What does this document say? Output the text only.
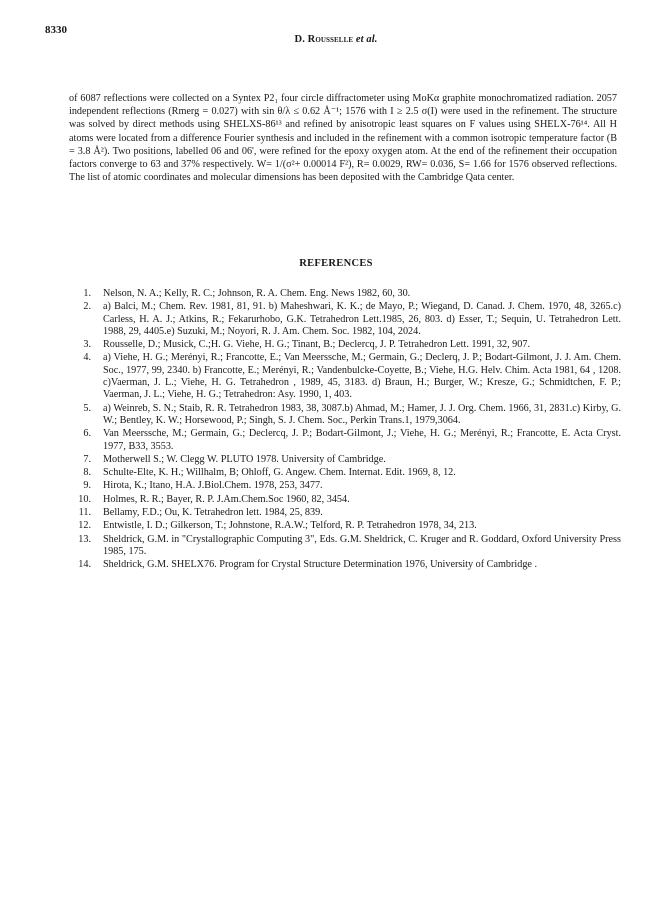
8330
D. Rousselle et al.

of 6087 reflections were collected on a Syntex P2₁ four circle diffractometer using MoKα graphite monochromatized radiation. 2057 independent reflections (Rmerg = 0.027) with sin θ/λ ≤ 0.62 Å⁻¹; 1576 with I ≥ 2.5 σ(I) were used in the refinement. The structure was solved by direct methods using SHELXS-86¹³ and refined by anisotropic least squares on F values using SHELX-76¹⁴. All H atoms were located from a difference Fourier synthesis and included in the refinement with a common isotropic temperature factor (B = 3.8 Å²). Two positions, labelled 06 and 06', were refined for the epoxy oxygen atom. At the end of the refinement their occupation factors converge to 63 and 37% respectively. W= 1/(σ²+ 0.00014 F²), R= 0.0029, RW= 0.036, S= 1.66 for 1576 observed reflections. The list of atomic coordinates and molecular dimensions has been deposited with the Cambridge Qata center.

REFERENCES
1.	Nelson, N. A.; Kelly, R. C.; Johnson, R. A. Chem. Eng. News 1982, 60, 30.
2.	a) Balci, M.; Chem. Rev. 1981, 81, 91. b) Maheshwari, K. K.; de Mayo, P.; Wiegand, D. Canad. J. Chem. 1970, 48, 3265.c) Carless, H. A. J.; Atkins, R.; Fekarurhobo, G.K. Tetrahedron Lett.1985, 26, 803. d) Esser, T.; Sequin, U. Tetrahedron Lett. 1988, 29, 4405.e) Suzuki, M.; Noyori, R. J. Am. Chem. Soc. 1982, 104, 2024.
3.	Rousselle, D.; Musick, C.;H. G. Viehe, H. G.; Tinant, B.; Declercq, J. P. Tetrahedron Lett. 1991, 32, 907.
4.	a) Viehe, H. G.; Merényi, R.; Francotte, E.; Van Meerssche, M.; Germain, G.; Declerq, J. P.; Bodart-Gilmont, J. J. Am. Chem. Soc., 1977, 99, 2340. b) Francotte, E.; Merényi, R.; Vandenbulcke-Coyette, B.; Viehe, H.G. Helv. Chim. Acta 1981, 64 , 1208. c)Vaerman, J. L.; Viehe, H. G. Tetrahedron , 1989, 45, 3183. d) Braun, H.; Burger, W.; Kresze, G.; Schmidtchen, F. P.; Vaerman, J. L.; Viehe, H. G.; Tetrahedron: Asy. 1990, 1, 403.
5.	a) Weinreb, S. N.; Staib, R. R. Tetrahedron 1983, 38, 3087.b) Ahmad, M.; Hamer, J. J. Org. Chem. 1966, 31, 2831.c) Kirby, G. W.; Bentley, K. W.; Horsewood, P.; Singh, S. J. Chem. Soc., Perkin Trans.1, 1979,3064.
6.	Van Meerssche, M.; Germain, G.; Declercq, J. P.; Bodart-Gilmont, J.; Viehe, H. G.; Merényi, R.; Francotte, E. Acta Cryst. 1977, B33, 3553.
7.	Motherwell S.; W. Clegg W. PLUTO 1978. University of Cambridge.
8.	Schulte-Elte, K. H.; Willhalm, B; Ohloff, G. Angew. Chem. Internat. Edit. 1969, 8, 12.
9.	Hirota, K.; Itano, H.A. J.Biol.Chem. 1978, 253, 3477.
10.	Holmes, R. R.; Bayer, R. P. J.Am.Chem.Soc 1960, 82, 3454.
11.	Bellamy, F.D.; Ou, K. Tetrahedron lett. 1984, 25, 839.
12.	Entwistle, I. D.; Gilkerson, T.; Johnstone, R.A.W.; Telford, R. P. Tetrahedron 1978, 34, 213.
13.	Sheldrick, G.M. in "Crystallographic Computing 3", Eds. G.M. Sheldrick, C. Kruger and R. Goddard, Oxford University Press 1985, 175.
14.	Sheldrick, G.M. SHELX76. Program for Crystal Structure Determination 1976, University of Cambridge .
